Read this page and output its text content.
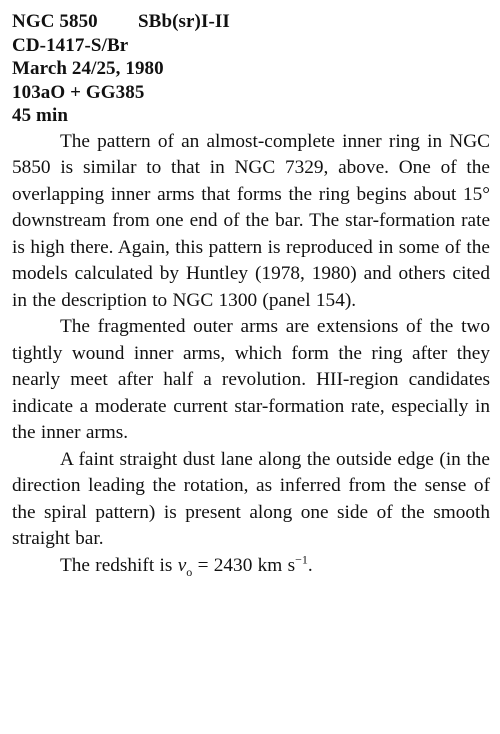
NGC 5850	SBb(sr)I-II
CD-1417-S/Br
March 24/25, 1980
103aO + GG385
45 min

The pattern of an almost-complete inner ring in NGC 5850 is similar to that in NGC 7329, above. One of the overlapping inner arms that forms the ring begins about 15° downstream from one end of the bar. The star-formation rate is high there. Again, this pattern is reproduced in some of the models calculated by Huntley (1978, 1980) and others cited in the description to NGC 1300 (panel 154).

The fragmented outer arms are extensions of the two tightly wound inner arms, which form the ring after they nearly meet after half a revolution. HII-region candidates indicate a moderate current star-formation rate, especially in the inner arms.

A faint straight dust lane along the outside edge (in the direction leading the rotation, as inferred from the sense of the spiral pattern) is present along one side of the smooth straight bar.

The redshift is $v_o = 2430$ km $s^{-1}$.
